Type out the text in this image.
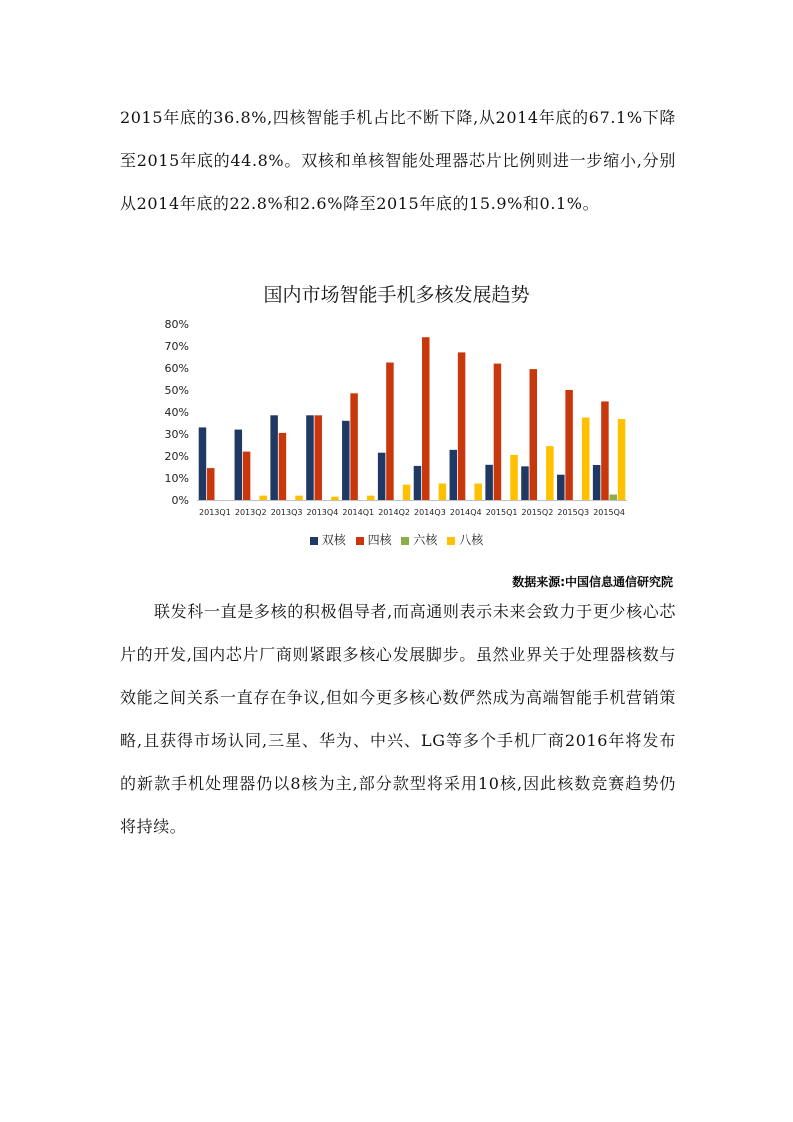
2015年底的36.8%,四核智能手机占比不断下降,从2014年底的67.1%下降至2015年底的44.8%。双核和单核智能处理器芯片比例则进一步缩小,分别从2014年底的22.8%和2.6%降至2015年底的15.9%和0.1%。

国内市场智能手机多核发展趋势
0%
10%
20%
30%
40%
50%
60%
70%
80%
2013Q1 2013Q2 2013Q3 2013Q4 2014Q1 2014Q2 2014Q3 2014Q4 2015Q1 2015Q2 2015Q3 2015Q4
双核 四核 六核 八核
数据来源:中国信息通信研究院

联发科一直是多核的积极倡导者,而高通则表示未来会致力于更少核心芯片的开发,国内芯片厂商则紧跟多核心发展脚步。虽然业界关于处理器核数与效能之间关系一直存在争议,但如今更多核心数俨然成为高端智能手机营销策略,且获得市场认同,三星、华为、中兴、LG等多个手机厂商2016年将发布的新款手机处理器仍以8核为主,部分款型将采用10核,因此核数竞赛趋势仍将持续。
